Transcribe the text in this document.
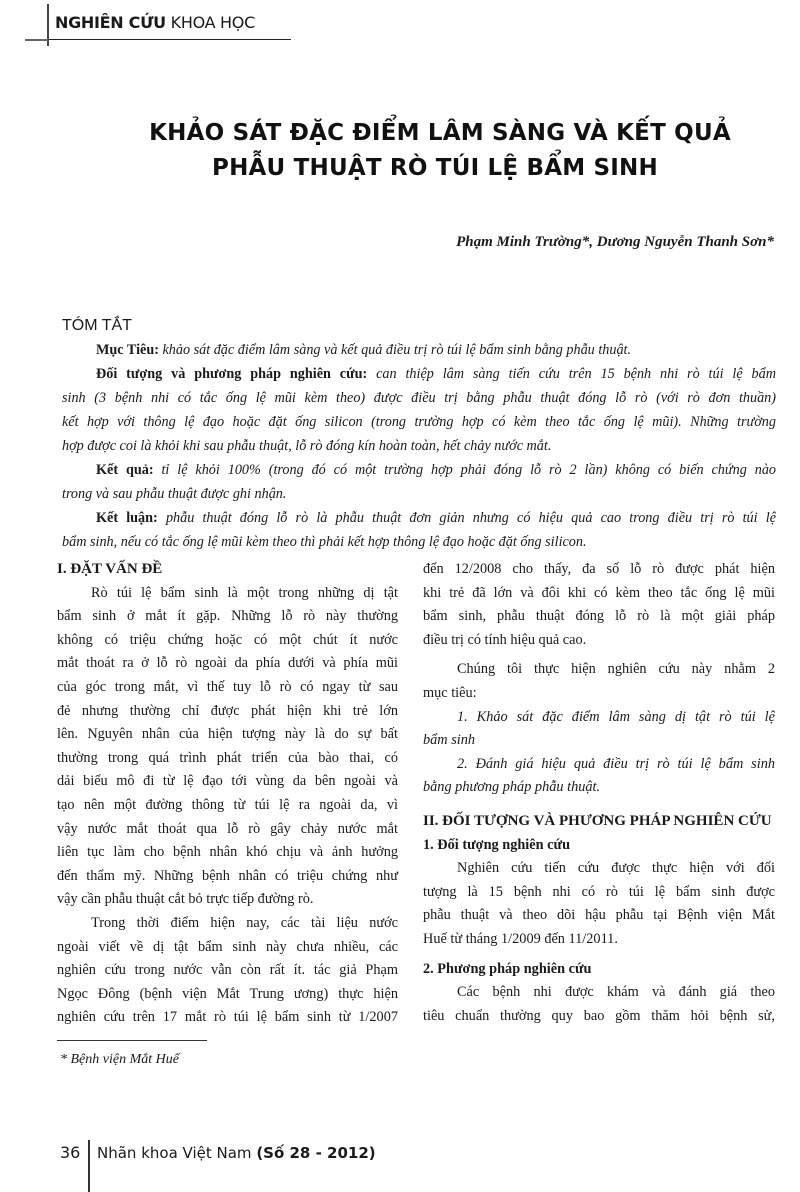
NGHIÊN CỨU KHOA HỌC
KHẢO SÁT ĐẶC ĐIỂM LÂM SÀNG VÀ KẾT QUẢ
PHẪU THUẬT RÒ TÚI LỆ BẨM SINH
Phạm Minh Trường*, Dương Nguyễn Thanh Sơn*
TÓM TẮT
Mục Tiêu: khảo sát đặc điểm lâm sàng và kết quả điều trị rò túi lệ bẩm sinh bằng phẫu thuật.
Đối tượng và phương pháp nghiên cứu: can thiệp lâm sàng tiến cứu trên 15 bệnh nhi rò túi lệ bẩm
sinh (3 bệnh nhi có tắc ống lệ mũi kèm theo) được điều trị bằng phẫu thuật đóng lỗ rò (với rò đơn thuần)
kết hợp với thông lệ đạo hoặc đặt ống silicon (trong trường hợp có kèm theo tắc ống lệ mũi). Những trường
hợp được coi là khỏi khi sau phẫu thuật, lỗ rò đóng kín hoàn toàn, hết chảy nước mắt.
Kết quả: tỉ lệ khỏi 100% (trong đó có một trường hợp phải đóng lỗ rò 2 lần) không có biến chứng nào
trong và sau phẫu thuật được ghi nhận.
Kết luận: phẫu thuật đóng lỗ rò là phẫu thuật đơn giản nhưng có hiệu quả cao trong điều trị rò túi lệ
bẩm sinh, nếu có tắc ống lệ mũi kèm theo thì phải kết hợp thông lệ đạo hoặc đặt ống silicon.
I. ĐẶT VẤN ĐỀ
Rò túi lệ bẩm sinh là một trong những dị tật
bẩm sinh ở mắt ít gặp. Những lỗ rò này thường
không có triệu chứng hoặc có một chút ít nước
mắt thoát ra ở lỗ rò ngoài da phía dưới và phía mũi
của góc trong mắt, vì thế tuy lỗ rò có ngay từ sau
đẻ nhưng thường chỉ được phát hiện khi trẻ lớn
lên. Nguyên nhân của hiện tượng này là do sự bất
thường trong quá trình phát triển của bào thai, có
dải biểu mô đi từ lệ đạo tới vùng da bên ngoài và
tạo nên một đường thông từ túi lệ ra ngoài da, vì
vậy nước mắt thoát qua lỗ rò gây chảy nước mắt
liên tục làm cho bệnh nhân khó chịu và ảnh hưởng
đến thẩm mỹ. Những bệnh nhân có triệu chứng như
vậy cần phẫu thuật cắt bỏ trực tiếp đường rò.
Trong thời điểm hiện nay, các tài liệu nước
ngoài viết về dị tật bẩm sinh này chưa nhiều, các
nghiên cứu trong nước vẫn còn rất ít. tác giả Phạm
Ngọc Đông (bệnh viện Mắt Trung ương) thực hiện
nghiên cứu trên 17 mắt rò túi lệ bẩm sinh từ 1/2007
đến 12/2008 cho thấy, đa số lỗ rò được phát hiện
khi trẻ đã lớn và đôi khi có kèm theo tắc ống lệ mũi
bẩm sinh, phẫu thuật đóng lỗ rò là một giải pháp
điều trị có tính hiệu quả cao.
Chúng tôi thực hiện nghiên cứu này nhằm 2
mục tiêu:
1. Khảo sát đặc điểm lâm sàng dị tật rò túi lệ
bẩm sinh
2. Đánh giá hiệu quả điều trị rò túi lệ bẩm sinh
bằng phương pháp phẫu thuật.
II. ĐỐI TƯỢNG VÀ PHƯƠNG PHÁP NGHIÊN CỨU
1. Đối tượng nghiên cứu
Nghiên cứu tiến cứu được thực hiện với đối
tượng là 15 bệnh nhi có rò túi lệ bẩm sinh được
phẫu thuật và theo dõi hậu phẫu tại Bệnh viện Mắt
Huế từ tháng 1/2009 đến 11/2011.
2. Phương pháp nghiên cứu
Các bệnh nhi được khám và đánh giá theo
tiêu chuẩn thường quy bao gồm thăm hỏi bệnh sử,
* Bệnh viện Mắt Huế
36 Nhãn khoa Việt Nam (Số 28 - 2012)
